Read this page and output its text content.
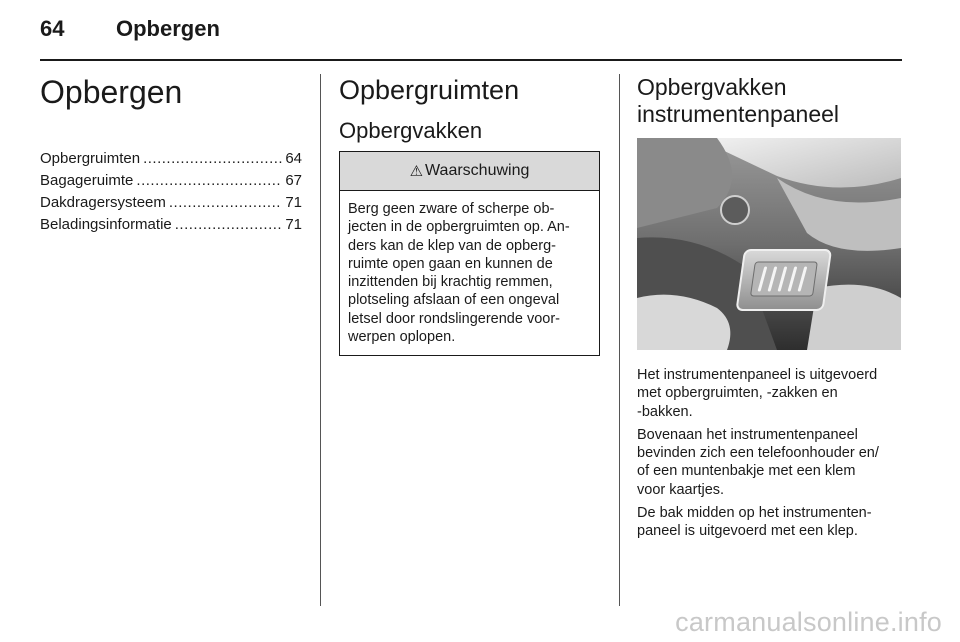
64 Opbergen
Opbergen
Opbergruimten .....	64
Bagageruimte .....	67
Dakdragersysteem .....	71
Beladingsinformatie .....	71
Opbergruimten
Opbergvakken
⚠ Waarschuwing
Berg geen zware of scherpe ob-
jecten in de opbergruimten op. An-
ders kan de klep van de opberg-
ruimte open gaan en kunnen de
inzittenden bij krachtig remmen,
plotseling afslaan of een ongeval
letsel door rondslingerende voor-
werpen oplopen.
Opbergvakken
instrumentenpaneel

Het instrumentenpaneel is uitgevoerd
met opbergruimten, -zakken en
-bakken.

Bovenaan het instrumentenpaneel
bevinden zich een telefoonhouder en/
of een muntenbakje met een klem
voor kaartjes.

De bak midden op het instrumenten-
paneel is uitgevoerd met een klep.

carmanualsonline.info
